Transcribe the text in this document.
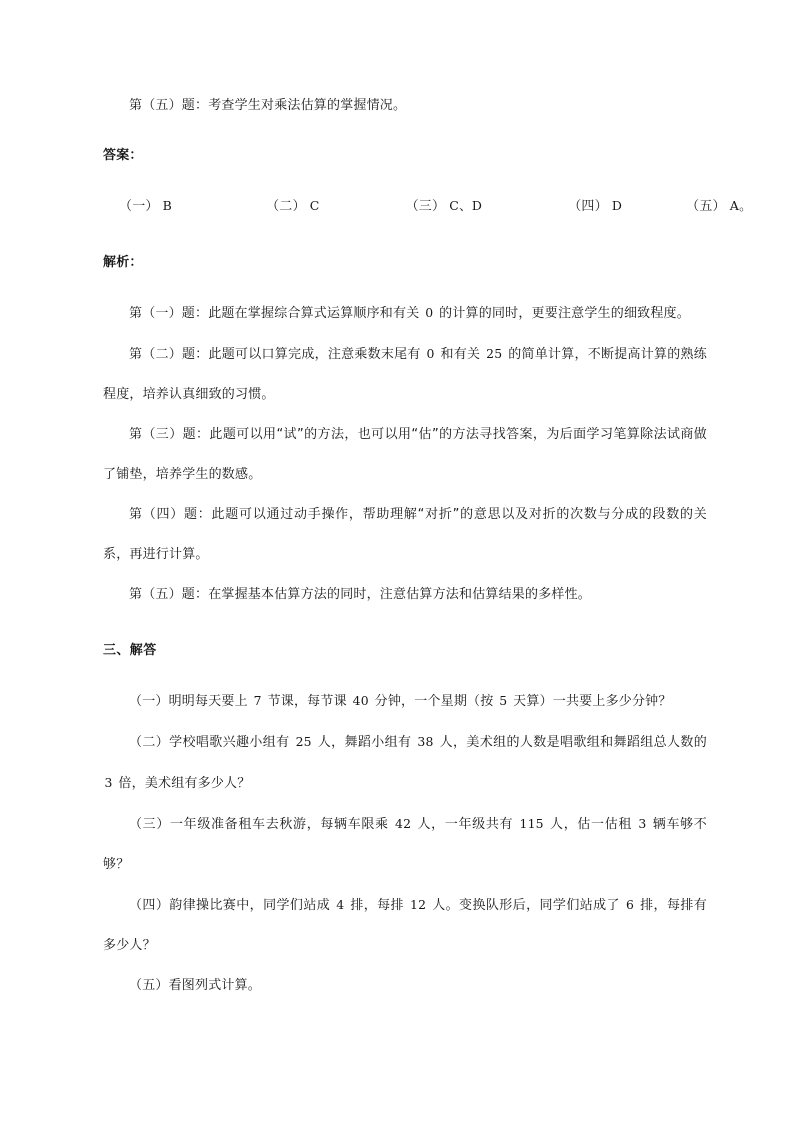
第（五）题：考查学生对乘法估算的掌握情况。

答案：

（一） B	（二） C	（三） C、D	（四） D	（五） A。

解析：

第（一）题：此题在掌握综合算式运算顺序和有关 0 的计算的同时，更要注意学生的细致程度。

第（二）题：此题可以口算完成，注意乘数末尾有 0 和有关 25 的简单计算，不断提高计算的熟练程度，培养认真细致的习惯。

第（三）题：此题可以用“试”的方法，也可以用“估”的方法寻找答案，为后面学习笔算除法试商做了铺垫，培养学生的数感。

第（四）题：此题可以通过动手操作，帮助理解“对折”的意思以及对折的次数与分成的段数的关系，再进行计算。

第（五）题：在掌握基本估算方法的同时，注意估算方法和估算结果的多样性。

三、解答

（一）明明每天要上 7 节课，每节课 40 分钟，一个星期（按 5 天算）一共要上多少分钟？

（二）学校唱歌兴趣小组有 25 人，舞蹈小组有 38 人，美术组的人数是唱歌组和舞蹈组总人数的 3 倍，美术组有多少人？

（三）一年级准备租车去秋游，每辆车限乘 42 人，一年级共有 115 人，估一估租 3 辆车够不够？

（四）韵律操比赛中，同学们站成 4 排，每排 12 人。变换队形后，同学们站成了 6 排，每排有多少人？

（五）看图列式计算。
